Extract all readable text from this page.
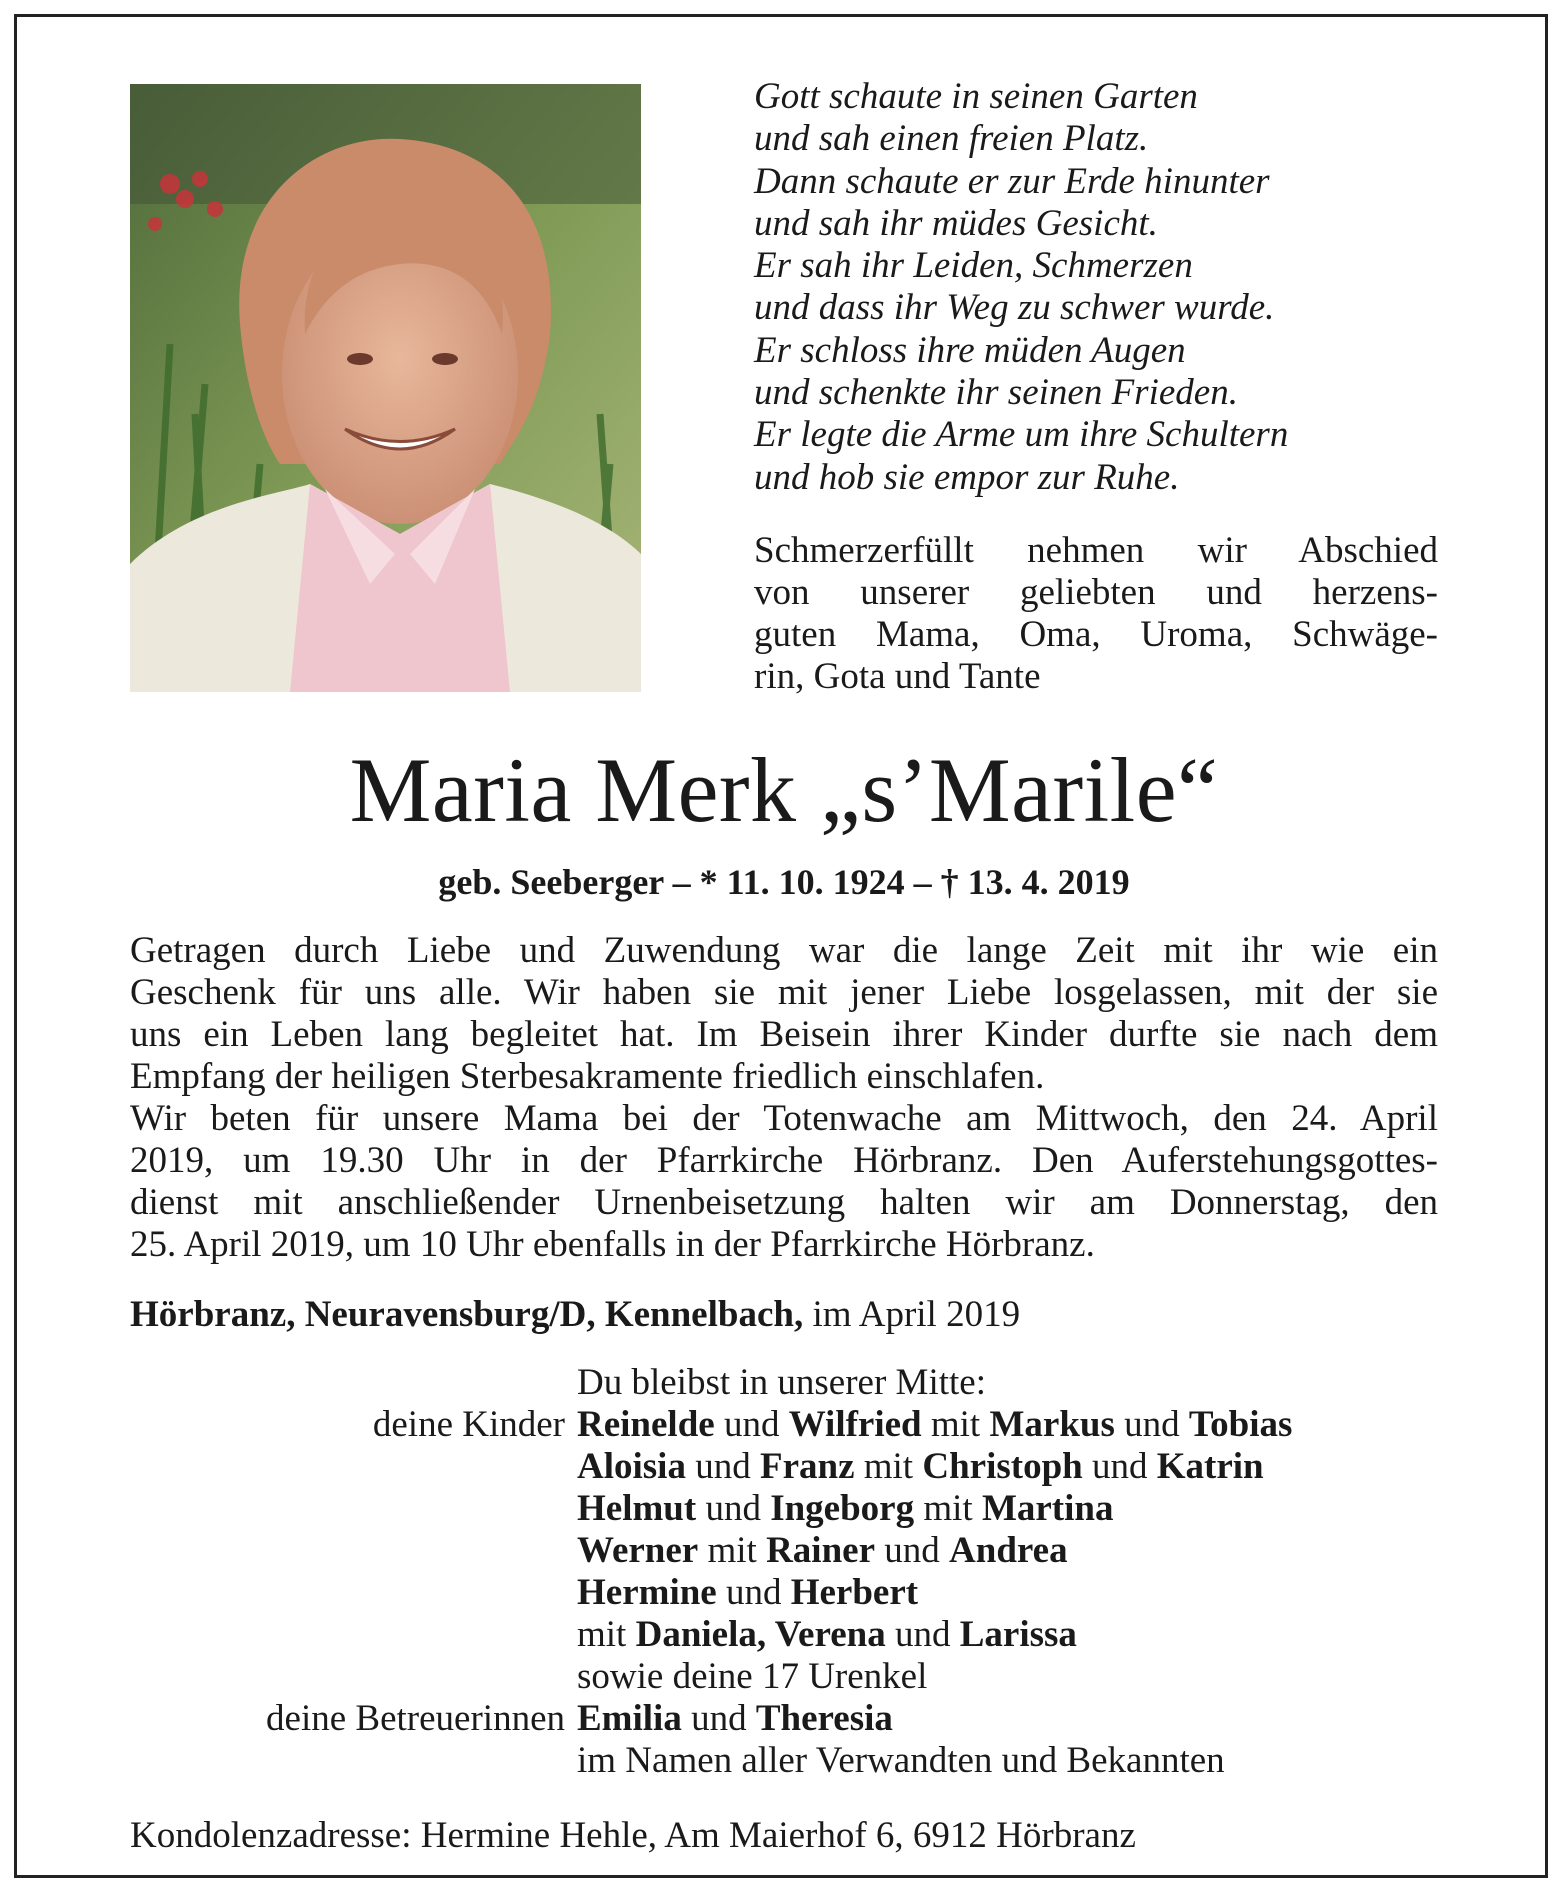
Gott schaute in seinen Garten
und sah einen freien Platz.
Dann schaute er zur Erde hinunter
und sah ihr müdes Gesicht.
Er sah ihr Leiden, Schmerzen
und dass ihr Weg zu schwer wurde.
Er schloss ihre müden Augen
und schenkte ihr seinen Frieden.
Er legte die Arme um ihre Schultern
und hob sie empor zur Ruhe.
Schmerzerfüllt nehmen wir Abschied
von unserer geliebten und herzens-
guten Mama, Oma, Uroma, Schwäge-
rin, Gota und Tante
Maria Merk „s’Marile“
geb. Seeberger – * 11. 10. 1924 – † 13. 4. 2019
Getragen durch Liebe und Zuwendung war die lange Zeit mit ihr wie ein
Geschenk für uns alle. Wir haben sie mit jener Liebe losgelassen, mit der sie
uns ein Leben lang begleitet hat. Im Beisein ihrer Kinder durfte sie nach dem
Empfang der heiligen Sterbesakramente friedlich einschlafen.
Wir beten für unsere Mama bei der Totenwache am Mittwoch, den 24. April
2019, um 19.30 Uhr in der Pfarrkirche Hörbranz. Den Auferstehungsgottes-
dienst mit anschließender Urnenbeisetzung halten wir am Donnerstag, den
25. April 2019, um 10 Uhr ebenfalls in der Pfarrkirche Hörbranz.
Hörbranz, Neuravensburg/D, Kennelbach, im April 2019
Du bleibst in unserer Mitte:
deine Kinder Reinelde und Wilfried mit Markus und Tobias
Aloisia und Franz mit Christoph und Katrin
Helmut und Ingeborg mit Martina
Werner mit Rainer und Andrea
Hermine und Herbert
mit Daniela, Verena und Larissa
sowie deine 17 Urenkel
deine Betreuerinnen Emilia und Theresia
im Namen aller Verwandten und Bekannten
Kondolenzadresse: Hermine Hehle, Am Maierhof 6, 6912 Hörbranz
